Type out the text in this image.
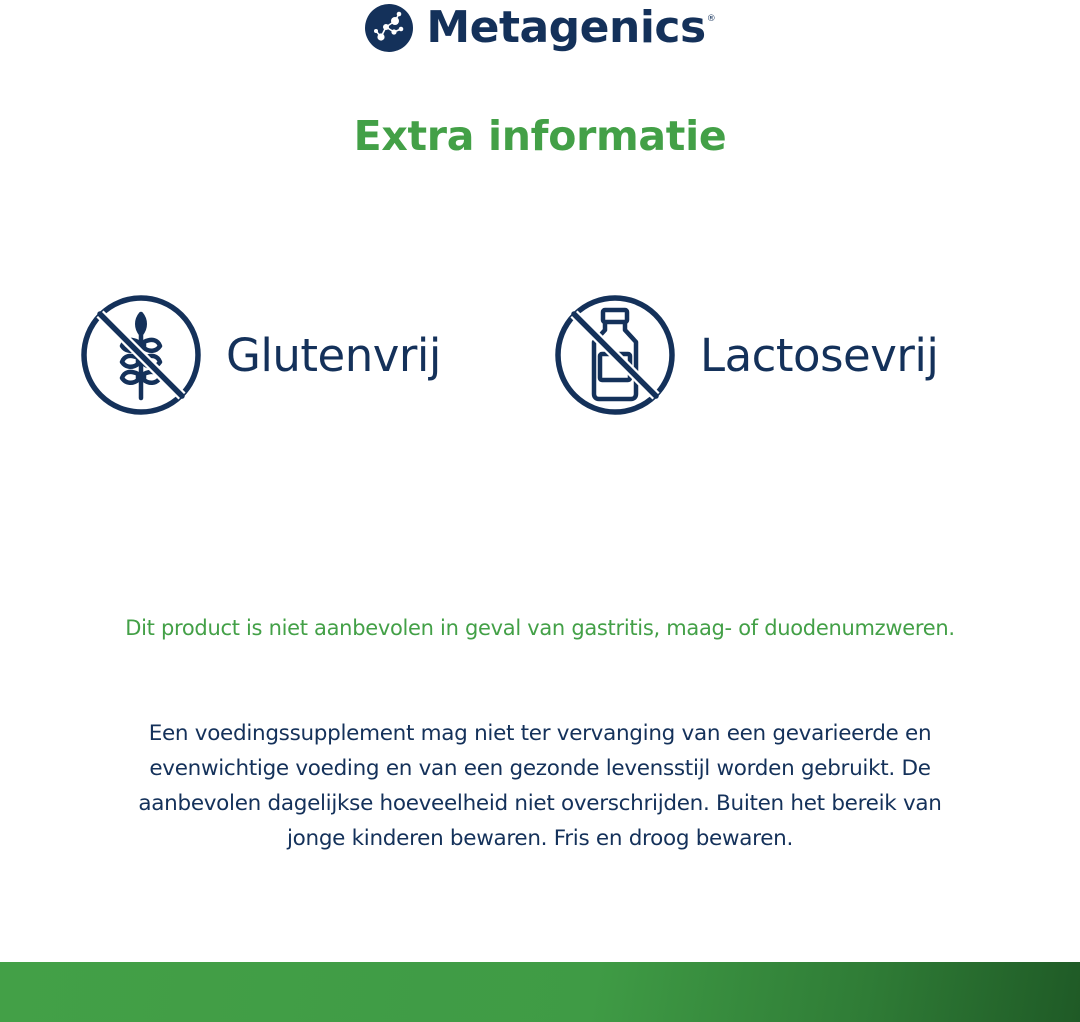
Metagenics ®
Extra informatie
Glutenvrij	Lactosevrij

Dit product is niet aanbevolen in geval van gastritis, maag- of duodenumzweren.

Een voedingssupplement mag niet ter vervanging van een gevarieerde en
evenwichtige voeding en van een gezonde levensstijl worden gebruikt. De
aanbevolen dagelijkse hoeveelheid niet overschrijden. Buiten het bereik van
jonge kinderen bewaren. Fris en droog bewaren.
